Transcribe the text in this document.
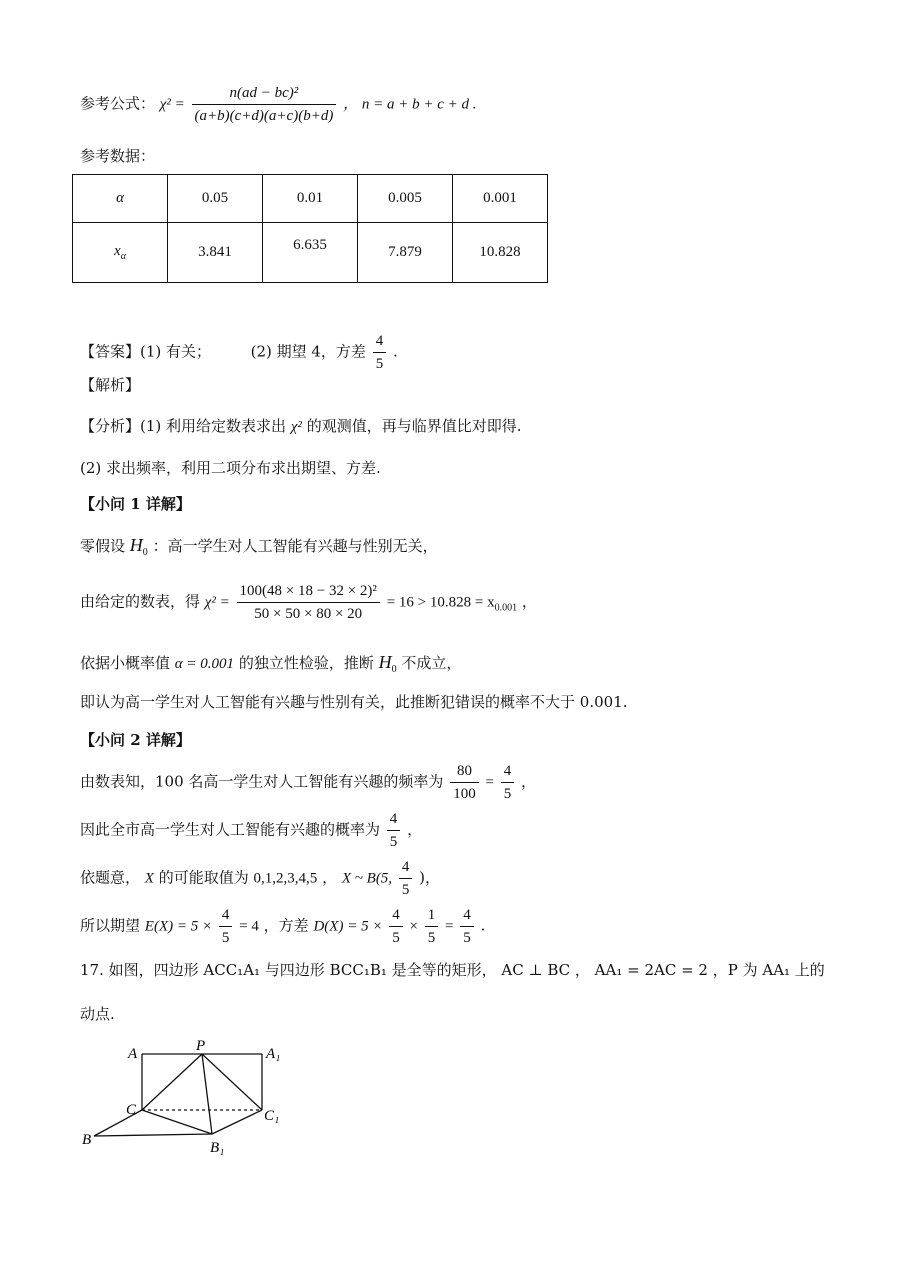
参考公式： $\chi^2 = \frac{\text{n(ad − bc)²}}{(a+b)(c+d)(a+c)(b+d)}$ ， n = a + b + c + d .
参考数据：
α	0.05	0.01	0.005	0.001
$x_\alpha$	3.841	6.635	7.879	10.828
【答案】(1) 有关；	(2) 期望 4，方差 $\frac{4}{5}$ .
【解析】
【分析】(1) 利用给定数表求出 χ² 的观测值，再与临界值比对即得.
(2) 求出频率，利用二项分布求出期望、方差.
【小问 1 详解】
零假设 $H_0$ ：高一学生对人工智能有兴趣与性别无关，
由给定的数表，得 $\chi^2 = \frac{\text{100(48 × 18 − 32 × 2)²}}{50 \times 50 \times 80 \times 20} = 16 > 10.828 = x_{0.001}$ ，
依据小概率值 α = 0.001 的独立性检验，推断 $H_0$ 不成立，
即认为高一学生对人工智能有兴趣与性别有关，此推断犯错误的概率不大于 0.001.
【小问 2 详解】
由数表知，100 名高一学生对人工智能有兴趣的频率为 $\frac{80}{100} = \frac{4}{5}$ ，
因此全市高一学生对人工智能有兴趣的概率为 $\frac{4}{5}$ ，
依题意， X 的可能取值为 0,1,2,3,4,5 ， X ~ B(5, $\frac{4}{5}$ )，
所以期望 $E(X) = 5 \times \frac{4}{5} = 4$ ，方差 $D(X) = 5 \times \frac{4}{5} \times \frac{1}{5} = \frac{4}{5}$ .
17. 如图，四边形 ACC₁A₁ 与四边形 BCC₁B₁ 是全等的矩形， AC ⊥ BC ， AA₁ = 2AC = 2 ，P 为 AA₁ 上的
动点.
A	P	A₁
C	C₁
B	B₁
